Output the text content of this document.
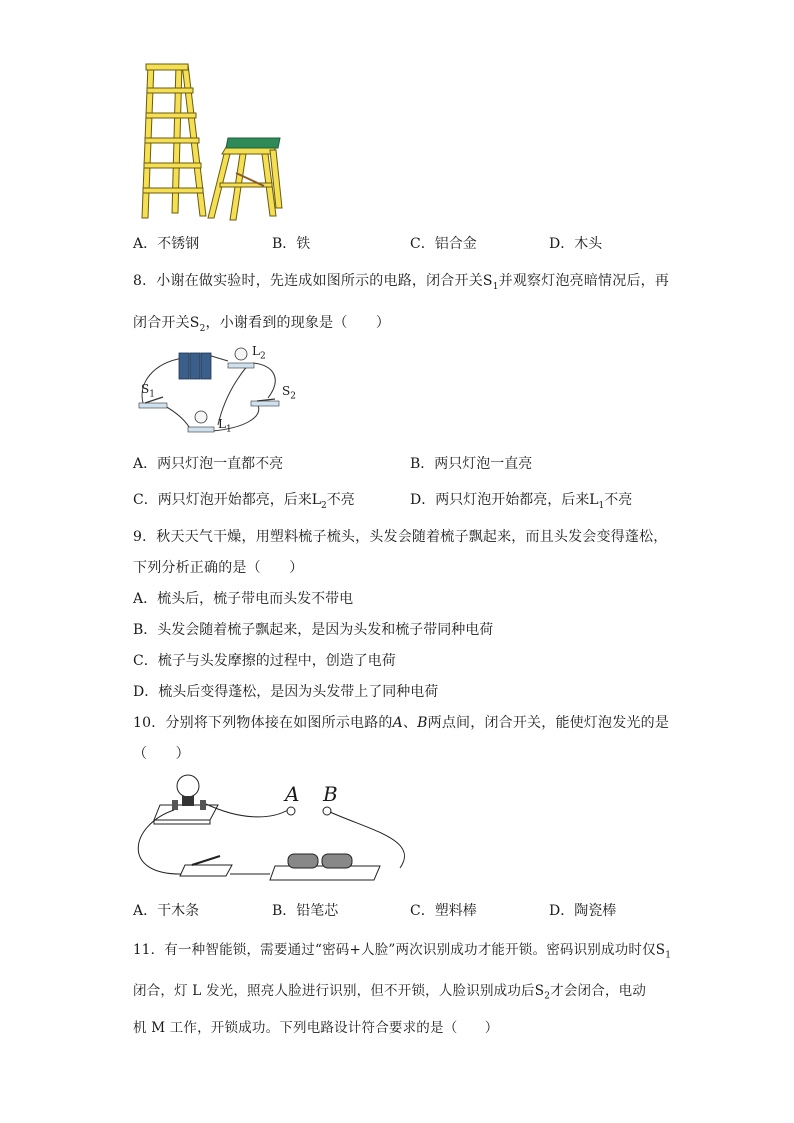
A．不锈钢	B．铁	C．铝合金	D．木头
8．小谢在做实验时，先连成如图所示的电路，闭合开关$S_1$并观察灯泡亮暗情况后，再
闭合开关$S_2$，小谢看到的现象是（　　）
$L_2$
$S_1$	$S_2$
$L_1$
A．两只灯泡一直都不亮	B．两只灯泡一直亮
C．两只灯泡开始都亮，后来$L_2$不亮	D．两只灯泡开始都亮，后来$L_1$不亮
9．秋天天气干燥，用塑料梳子梳头，头发会随着梳子飘起来，而且头发会变得蓬松，
下列分析正确的是（　　）
A．梳头后，梳子带电而头发不带电
B．头发会随着梳子飘起来，是因为头发和梳子带同种电荷
C．梳子与头发摩擦的过程中，创造了电荷
D．梳头后变得蓬松，是因为头发带上了同种电荷
10．分别将下列物体接在如图所示电路的A、B两点间，闭合开关，能使灯泡发光的是
（　　）
A B
A．干木条	B．铅笔芯	C．塑料棒	D．陶瓷棒
11．有一种智能锁，需要通过“密码+人脸”两次识别成功才能开锁。密码识别成功时仅$S_1$
闭合，灯 L 发光，照亮人脸进行识别，但不开锁，人脸识别成功后$S_2$才会闭合，电动
机 M 工作，开锁成功。下列电路设计符合要求的是（　　）
